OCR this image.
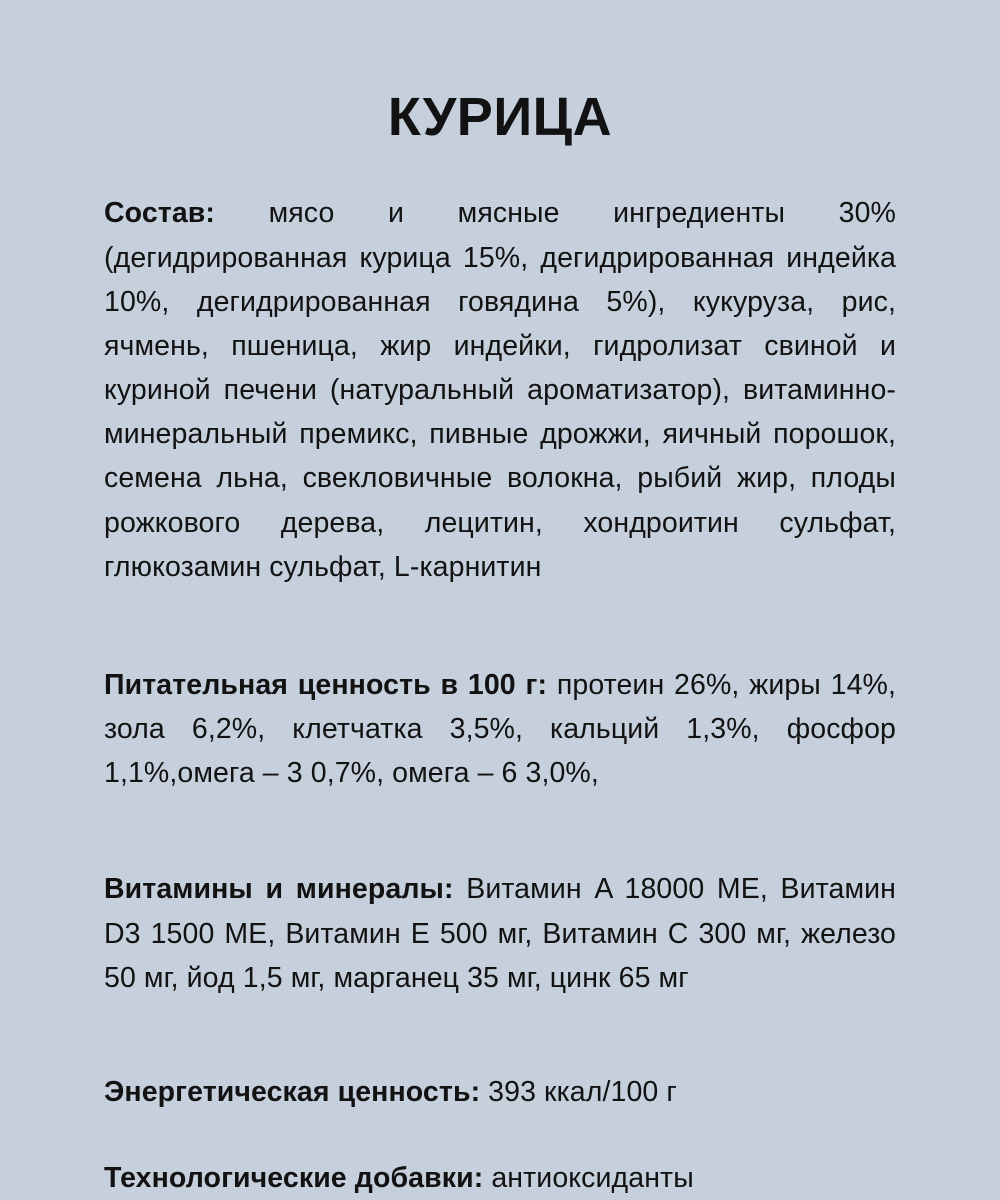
КУРИЦА

Состав: мясо и мясные ингредиенты 30% (дегидрированная курица 15%, дегидрированная индейка 10%, дегидрированная говядина 5%), кукуруза, рис, ячмень, пшеница, жир индейки, гидролизат свиной и куриной печени (натуральный ароматизатор), витаминно-минеральный премикс, пивные дрожжи, яичный порошок, семена льна, свекловичные волокна, рыбий жир, плоды рожкового дерева, лецитин, хондроитин сульфат, глюкозамин сульфат, L-карнитин

Питательная ценность в 100 г: протеин 26%, жиры 14%, зола 6,2%, клетчатка 3,5%, кальций 1,3%, фосфор 1,1%,омега – 3 0,7%, омега – 6 3,0%,

Витамины и минералы: Витамин A 18000 МЕ, Витамин D3 1500 МЕ, Витамин E 500 мг, Витамин C 300 мг, железо 50 мг, йод 1,5 мг, марганец 35 мг, цинк 65 мг

Энергетическая ценность: 393 ккал/100 г

Технологические добавки: антиоксиданты
